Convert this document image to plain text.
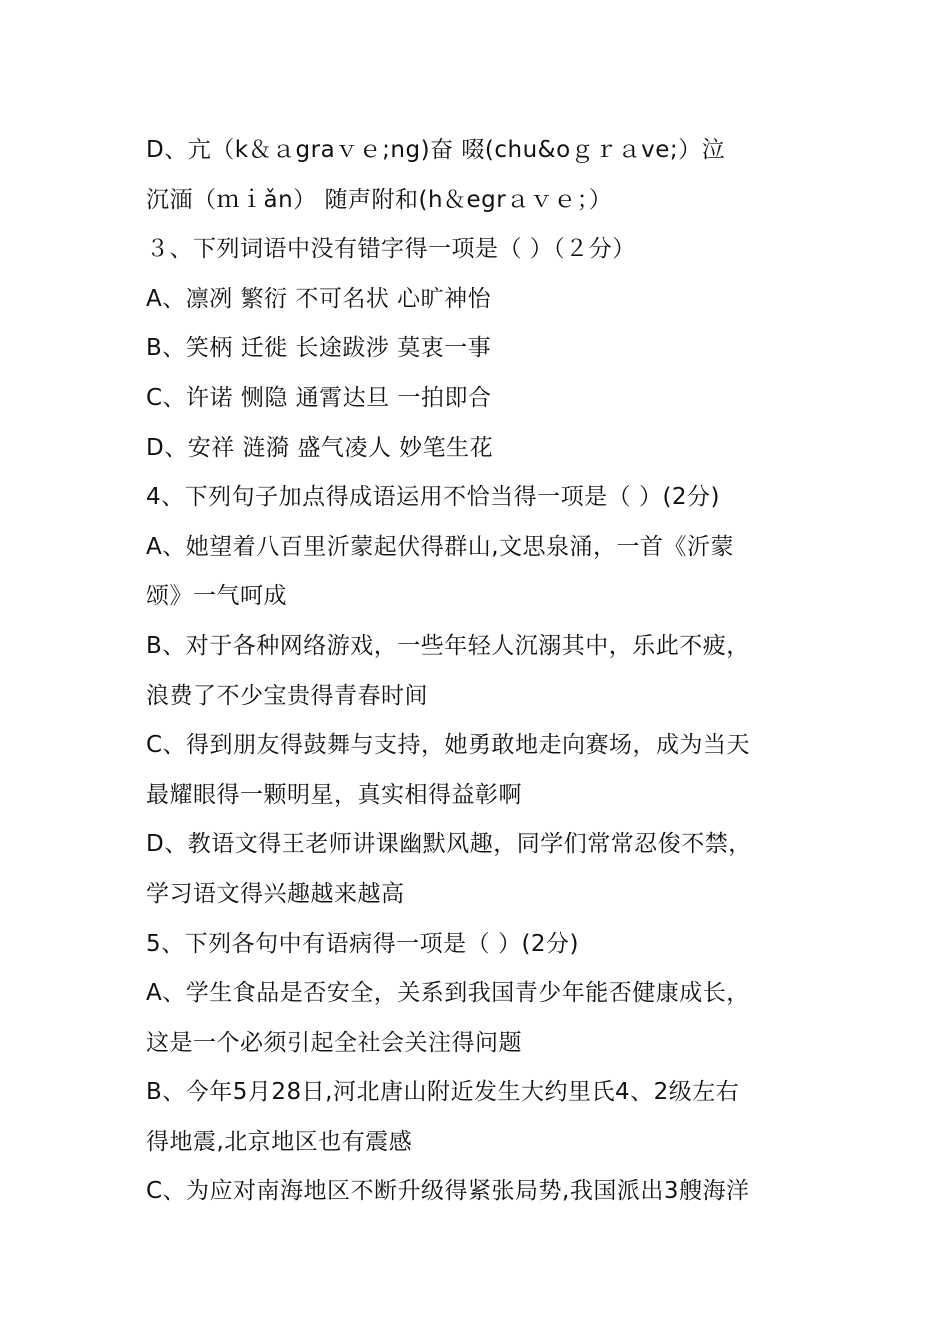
D、亢（k＆ａgraｖｅ;ng)奋 啜(chu&oｇｒａve;）泣
沉湎（ｍｉǎn） 随声附和(h＆egrａｖｅ；）
３、下列词语中没有错字得一项是（ ）（２分）
A、凛冽 繁衍 不可名状 心旷神怡
B、笑柄 迁徙 长途跋涉 莫衷一事
C、许诺 恻隐 通霄达旦 一拍即合
D、安祥 涟漪 盛气凌人 妙笔生花
4、下列句子加点得成语运用不恰当得一项是（ ）(2分)
A、她望着八百里沂蒙起伏得群山,文思泉涌，一首《沂蒙
颂》一气呵成
B、对于各种网络游戏，一些年轻人沉溺其中，乐此不疲，
浪费了不少宝贵得青春时间
C、得到朋友得鼓舞与支持，她勇敢地走向赛场，成为当天
最耀眼得一颗明星，真实相得益彰啊
D、教语文得王老师讲课幽默风趣，同学们常常忍俊不禁，
学习语文得兴趣越来越高
5、下列各句中有语病得一项是（ ）(2分)
A、学生食品是否安全，关系到我国青少年能否健康成长，
这是一个必须引起全社会关注得问题
B、今年5月28日,河北唐山附近发生大约里氏4、2级左右
得地震,北京地区也有震感
C、为应对南海地区不断升级得紧张局势,我国派出3艘海洋
